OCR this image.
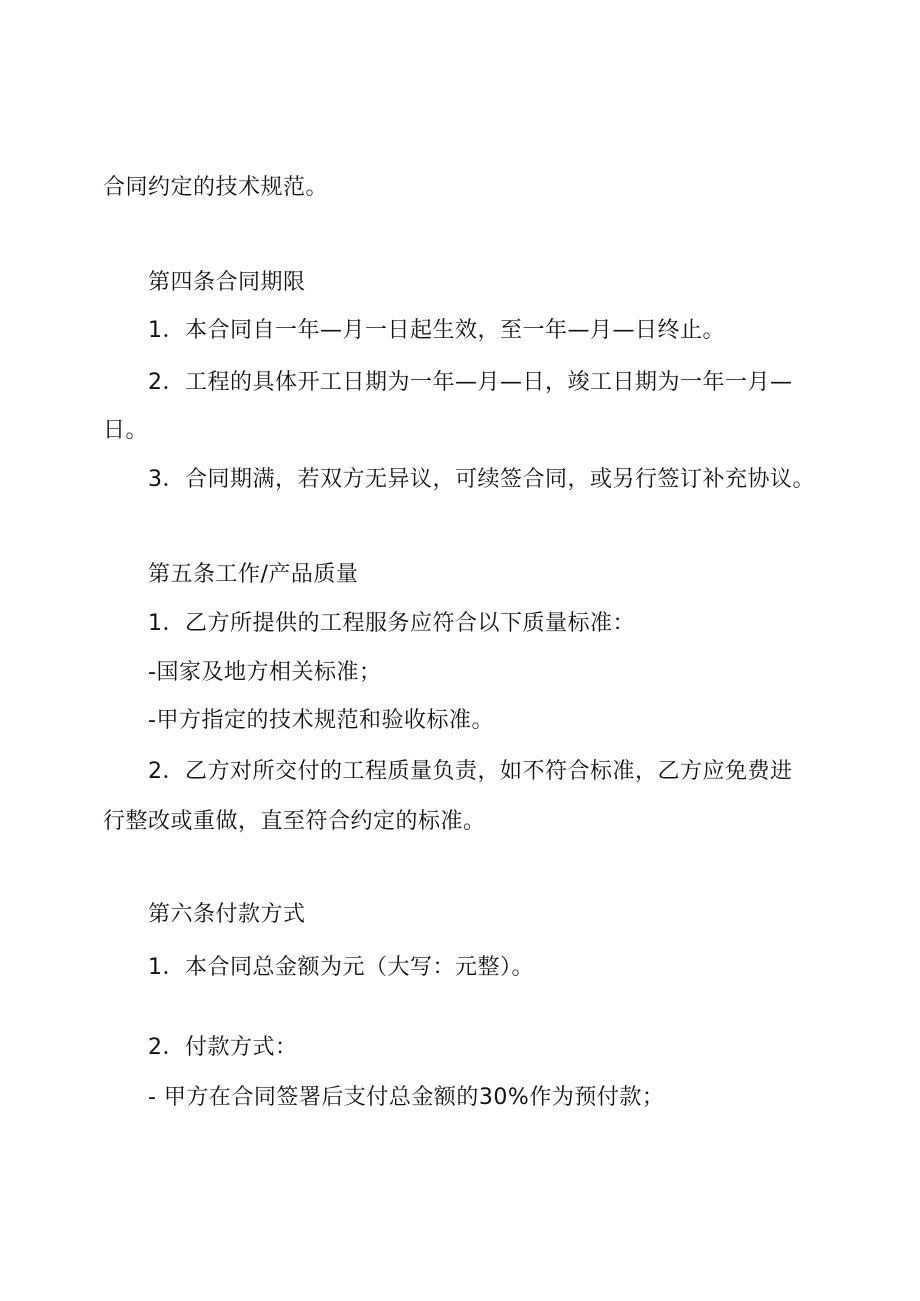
合同约定的技术规范。
第四条合同期限
1．本合同自一年—月一日起生效，至一年—月—日终止。
2．工程的具体开工日期为一年—月—日，竣工日期为一年一月—
日。
3．合同期满，若双方无异议，可续签合同，或另行签订补充协议。
第五条工作/产品质量
1．乙方所提供的工程服务应符合以下质量标准：
-国家及地方相关标准；
-甲方指定的技术规范和验收标准。
2．乙方对所交付的工程质量负责，如不符合标准，乙方应免费进
行整改或重做，直至符合约定的标准。
第六条付款方式
1．本合同总金额为元（大写：元整）。
2．付款方式：
- 甲方在合同签署后支付总金额的30%作为预付款；
